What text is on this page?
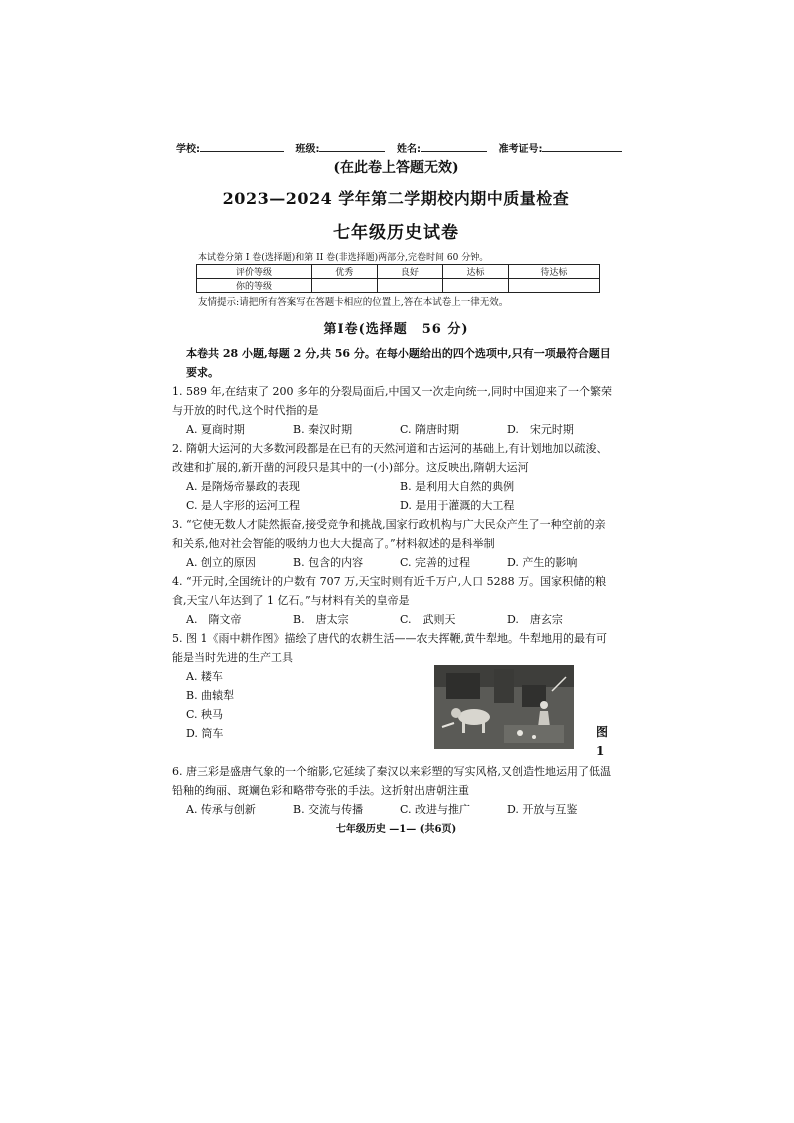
学校:	班级:	姓名:	准考证号:
(在此卷上答题无效)
2023—2024 学年第二学期校内期中质量检查
七年级历史试卷
本试卷分第 I 卷(选择题)和第 II 卷(非选择题)两部分,完卷时间 60 分钟。
评价等级	优秀	良好	达标	待达标
你的等级				
友情提示:请把所有答案写在答题卡相应的位置上,答在本试卷上一律无效。
第Ⅰ卷(选择题　56 分)

本卷共 28 小题,每题 2 分,共 56 分。在每小题给出的四个选项中,只有一项最符合题目要求。

1. 589 年,在结束了 200 多年的分裂局面后,中国又一次走向统一,同时中国迎来了一个繁荣与开放的时代,这个时代指的是

A. 夏商时期	B. 秦汉时期	C. 隋唐时期	D.　宋元时期

2. 隋朝大运河的大多数河段都是在已有的天然河道和古运河的基础上,有计划地加以疏浚、改建和扩展的,新开凿的河段只是其中的一(小)部分。这反映出,隋朝大运河

A. 是隋炀帝暴政的表现	B. 是利用大自然的典例
C. 是人字形的运河工程	D. 是用于灌溉的大工程

3. “它使无数人才陡然振奋,接受竞争和挑战,国家行政机构与广大民众产生了一种空前的亲和关系,他对社会智能的吸纳力也大大提高了。”材料叙述的是科举制

A. 创立的原因	B. 包含的内容	C. 完善的过程	D. 产生的影响

4. “开元时,全国统计的户数有 707 万,天宝时则有近千万户,人口 5288 万。国家积储的粮食,天宝八年达到了 1 亿石。”与材料有关的皇帝是

A.　隋文帝	B.　唐太宗	C.　武则天	D.　唐玄宗

5. 图 1《雨中耕作图》描绘了唐代的农耕生活——农夫挥鞭,黄牛犁地。牛犁地用的最有可能是当时先进的生产工具

A. 耧车
B. 曲辕犁
C. 秧马
D. 筒车	图 1

6. 唐三彩是盛唐气象的一个缩影,它延续了秦汉以来彩塑的写实风格,又创造性地运用了低温铅釉的绚丽、斑斓色彩和略带夸张的手法。这折射出唐朝注重

A. 传承与创新	B. 交流与传播	C. 改进与推广	D. 开放与互鉴
七年级历史 —1— (共6页)
